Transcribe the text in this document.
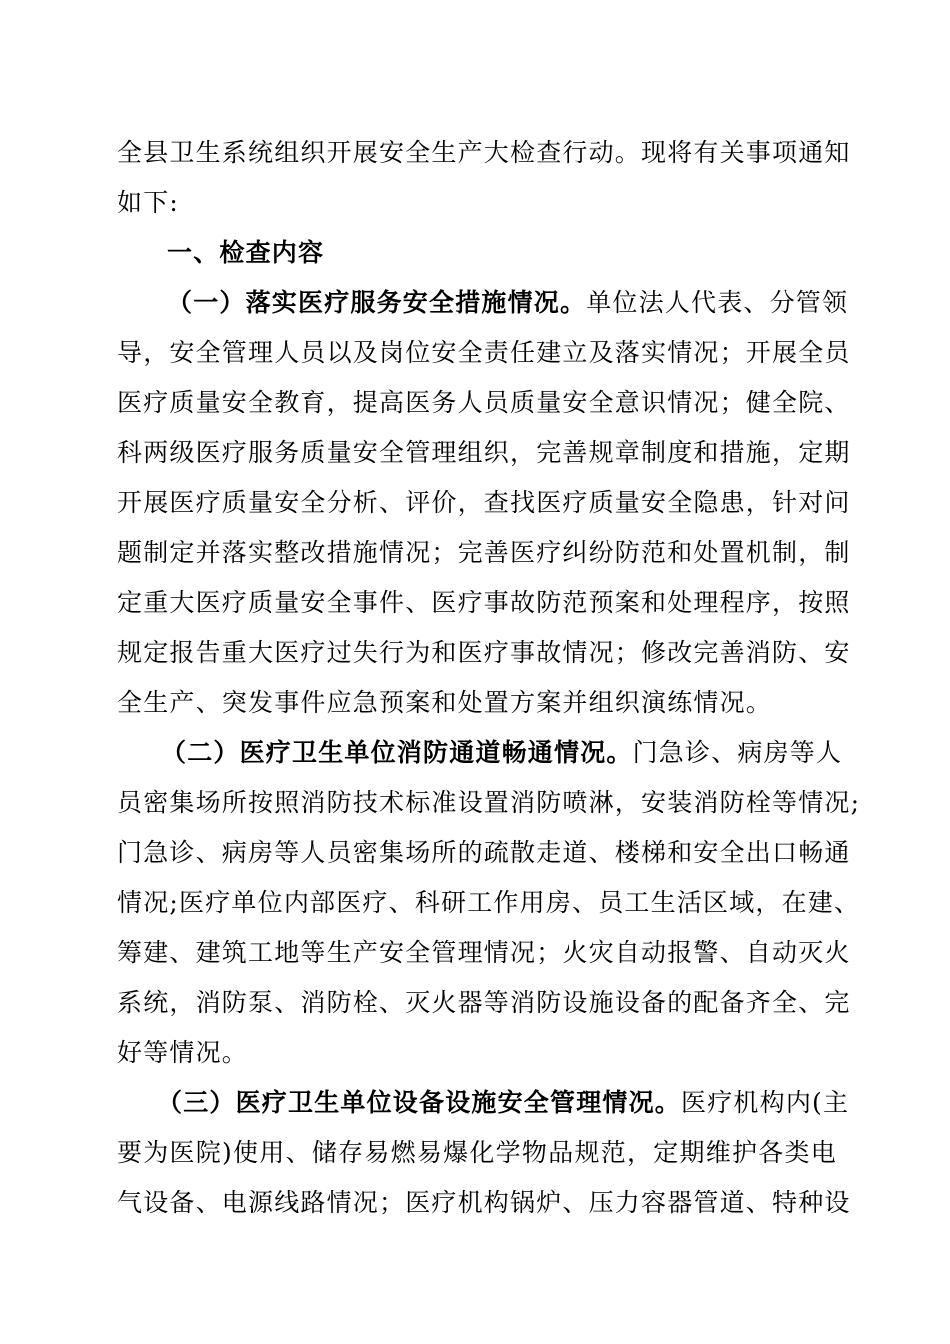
全县卫生系统组织开展安全生产大检查行动。现将有关事项通知
如下:
一、检查内容
（一）落实医疗服务安全措施情况。单位法人代表、分管领
导，安全管理人员以及岗位安全责任建立及落实情况；开展全员
医疗质量安全教育，提高医务人员质量安全意识情况；健全院、
科两级医疗服务质量安全管理组织，完善规章制度和措施，定期
开展医疗质量安全分析、评价，查找医疗质量安全隐患，针对问
题制定并落实整改措施情况；完善医疗纠纷防范和处置机制，制
定重大医疗质量安全事件、医疗事故防范预案和处理程序，按照
规定报告重大医疗过失行为和医疗事故情况；修改完善消防、安
全生产、突发事件应急预案和处置方案并组织演练情况。
（二）医疗卫生单位消防通道畅通情况。门急诊、病房等人
员密集场所按照消防技术标准设置消防喷淋，安装消防栓等情况;
门急诊、病房等人员密集场所的疏散走道、楼梯和安全出口畅通
情况;医疗单位内部医疗、科研工作用房、员工生活区域，在建、
筹建、建筑工地等生产安全管理情况；火灾自动报警、自动灭火
系统，消防泵、消防栓、灭火器等消防设施设备的配备齐全、完
好等情况。
（三）医疗卫生单位设备设施安全管理情况。医疗机构内(主
要为医院)使用、储存易燃易爆化学物品规范，定期维护各类电
气设备、电源线路情况；医疗机构锅炉、压力容器管道、特种设
